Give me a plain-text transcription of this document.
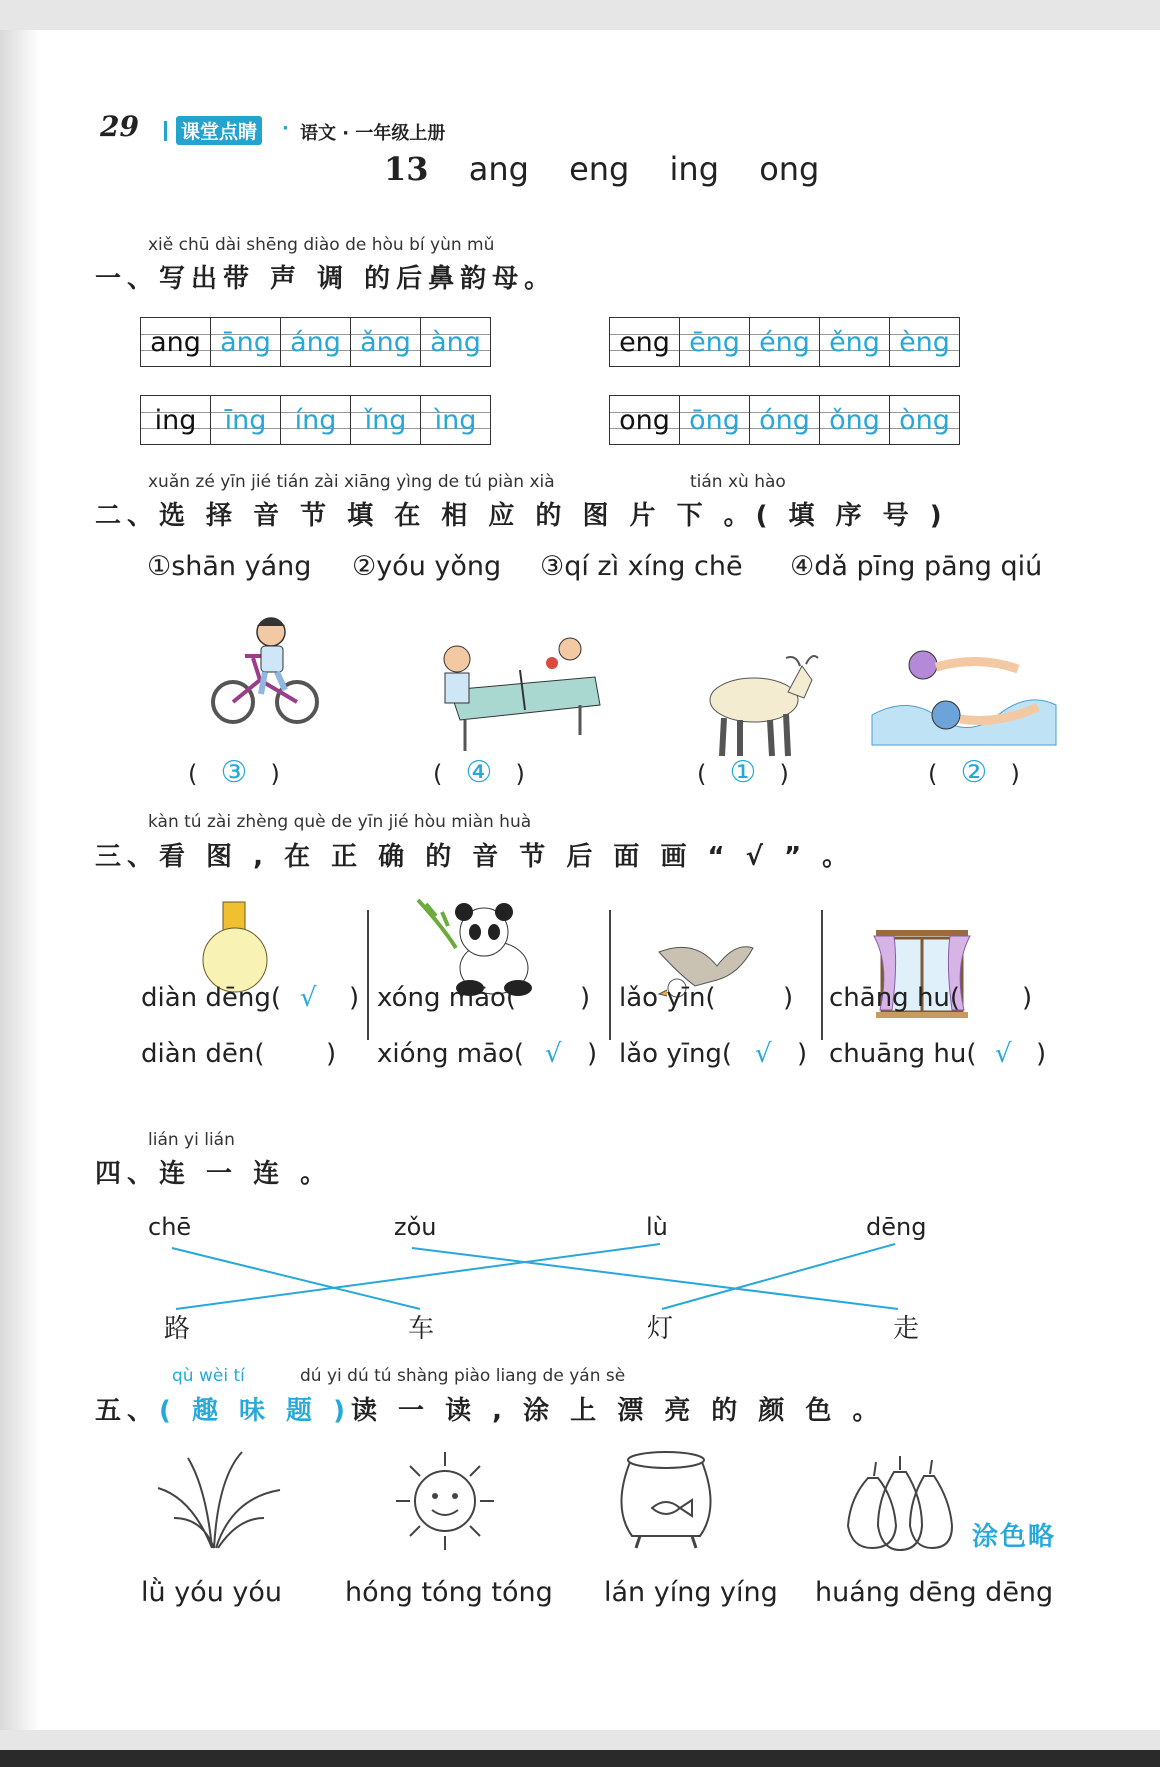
29 课堂点睛 · 语文 · 一年级上册
13 ang eng ing ong
xiě chū dài shēng diào de hòu bí yùn mǔ
一、写出带 声 调 的后鼻韵母。
ang	āng	áng	ǎng	àng	eng	ēng	éng	ěng	èng
ing	īng	íng	ǐng	ìng	ong	ōng	óng	ǒng	òng
xuǎn zé yīn jié tián zài xiāng yìng de tú piàn xià	tián xù hào
二、选 择 音 节 填 在 相 应 的 图 片 下 。( 填 序 号 )
①shān yáng ②yóu yǒng ③qí zì xíng chē ④dǎ pīng pāng qiú
( ③ )	( ④ )	( ① )	( ② )
kàn tú zài zhèng què de yīn jié hòu miàn huà
三、看 图 , 在 正 确 的 音 节 后 面 画 “ √ ” 。
diàn dēng( √ ) xóng māo( ) lǎo yīn(	) chāng hu( )
diàn dēn( ) xióng māo( √ ) lǎo yīng( √ ) chuāng hu( √ )
lián yi lián
四、连 一 连 。
chē	zǒu	lù	dēng
路	车	灯	走
qù wèi tí	dú yi dú tú shàng piào liang de yán sè
五、( 趣 味 题 )读 一 读 , 涂 上 漂 亮 的 颜 色 。
涂色略
lǜ yóu yóu hóng tóng tóng lán yíng yíng huáng dēng dēng
